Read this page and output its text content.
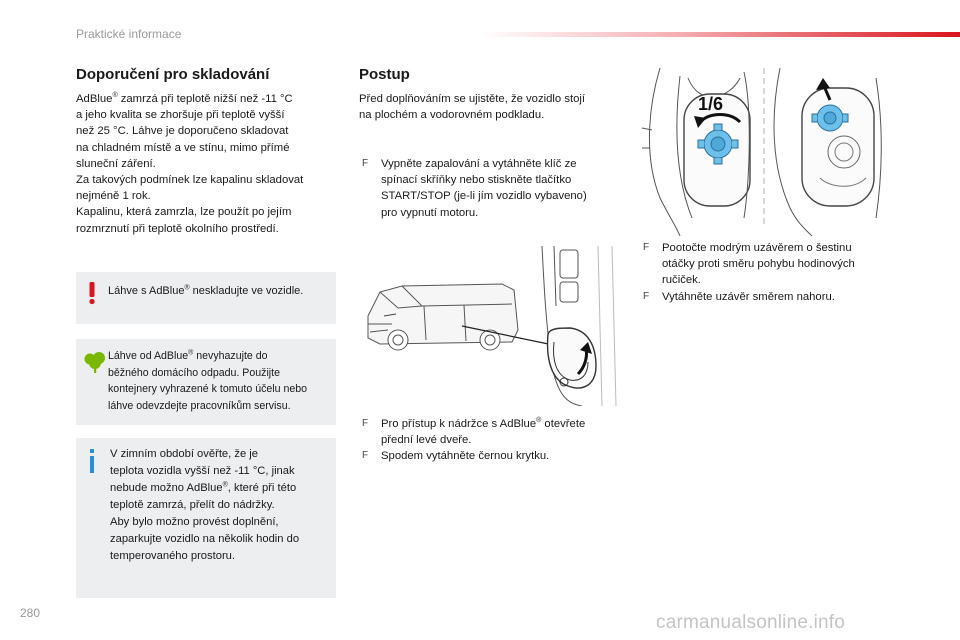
Praktické informace
Doporučení pro skladování

AdBlue® zamrzá při teplotě nižší než -11 °C

a jeho kvalita se zhoršuje při teplotě vyšší

než 25 °C. Láhve je doporučeno skladovat

na chladném místě a ve stínu, mimo přímé

sluneční záření.

Za takových podmínek lze kapalinu skladovat

nejméně 1 rok.

Kapalinu, která zamrzla, lze použít po jejím

rozmrznutí při teplotě okolního prostředí.

Láhve s AdBlue® neskladujte ve vozidle.
Láhve od AdBlue® nevyhazujte do
běžného domácího odpadu. Použijte
kontejnery vyhrazené k tomuto účelu nebo
láhve odevzdejte pracovníkům servisu.
V zimním období ověřte, že je
teplota vozidla vyšší než -11 °C, jinak
nebude možno AdBlue®, které při této
teplotě zamrzá, přelít do nádržky.
Aby bylo možno provést doplnění,
zaparkujte vozidlo na několik hodin do
temperovaného prostoru.
Postup

Před doplňováním se ujistěte, že vozidlo stojí

na plochém a vodorovném podkladu.

F Vypněte zapalování a vytáhněte klíč ze
spínací skříňky nebo stiskněte tlačítko
START/STOP (je-li jím vozidlo vybaveno)
pro vypnutí motoru.
F Pro přístup k nádržce s AdBlue® otevřete
přední levé dveře.
F Spodem vytáhněte černou krytku.
1/6
F Pootočte modrým uzávěrem o šestinu
otáčky proti směru pohybu hodinových
ručiček.
F Vytáhněte uzávěr směrem nahoru.
280	carmanualsonline.info
